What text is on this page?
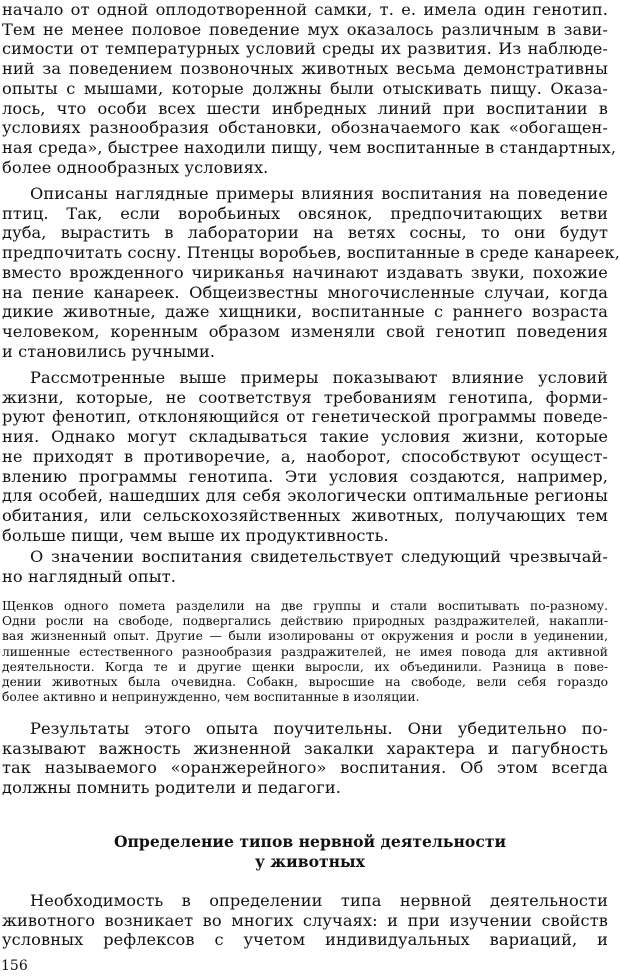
начало от одной оплодотворенной самки, т. е. имела один генотип.
Тем не менее половое поведение мух оказалось различным в зави-
симости от температурных условий среды их развития. Из наблюде-
ний за поведением позвоночных животных весьма демонстративны
опыты с мышами, которые должны были отыскивать пищу. Оказа-
лось, что особи всех шести инбредных линий при воспитании в
условиях разнообразия обстановки, обозначаемого как «обогащен-
ная среда», быстрее находили пищу, чем воспитанные в стандартных,
более однообразных условиях.
Описаны наглядные примеры влияния воспитания на поведение
птиц. Так, если воробьиных овсянок, предпочитающих ветви
дуба, вырастить в лаборатории на ветях сосны, то они будут
предпочитать сосну. Птенцы воробьев, воспитанные в среде канареек,
вместо врожденного чириканья начинают издавать звуки, похожие
на пение канареек. Общеизвестны многочисленные случаи, когда
дикие животные, даже хищники, воспитанные с раннего возраста
человеком, коренным образом изменяли свой генотип поведения
и становились ручными.
Рассмотренные выше примеры показывают влияние условий
жизни, которые, не соответствуя требованиям генотипа, форми-
руют фенотип, отклоняющийся от генетической программы поведе-
ния. Однако могут складываться такие условия жизни, которые
не приходят в противоречие, а, наоборот, способствуют осущест-
влению программы генотипа. Эти условия создаются, например,
для особей, нашедших для себя экологически оптимальные регионы
обитания, или сельскохозяйственных животных, получающих тем
больше пищи, чем выше их продуктивность.
О значении воспитания свидетельствует следующий чрезвычай-
но наглядный опыт.
Щенков одного помета разделили на две группы и стали воспитывать по-разному.
Одни росли на свободе, подвергались действию природных раздражителей, накапли-
вая жизненный опыт. Другие — были изолированы от окружения и росли в уединении,
лишенные естественного разнообразия раздражителей, не имея повода для активной
деятельности. Когда те и другие щенки выросли, их объединили. Разница в пове-
дении животных была очевидна. Собакн, выросшие на свободе, вели себя гораздо
более активно и непринужденно, чем воспитанные в изоляции.
Результаты этого опыта поучительны. Они убедительно по-
казывают важность жизненной закалки характера и пагубность
так называемого «оранжерейного» воспитания. Об этом всегда
должны помнить родители и педагоги.
Определение типов нервной деятельности
у животных
Необходимость в определении типа нервной деятельности
животного возникает во многих случаях: и при изучении свойств
условных рефлексов с учетом индивидуальных вариаций, и
156
